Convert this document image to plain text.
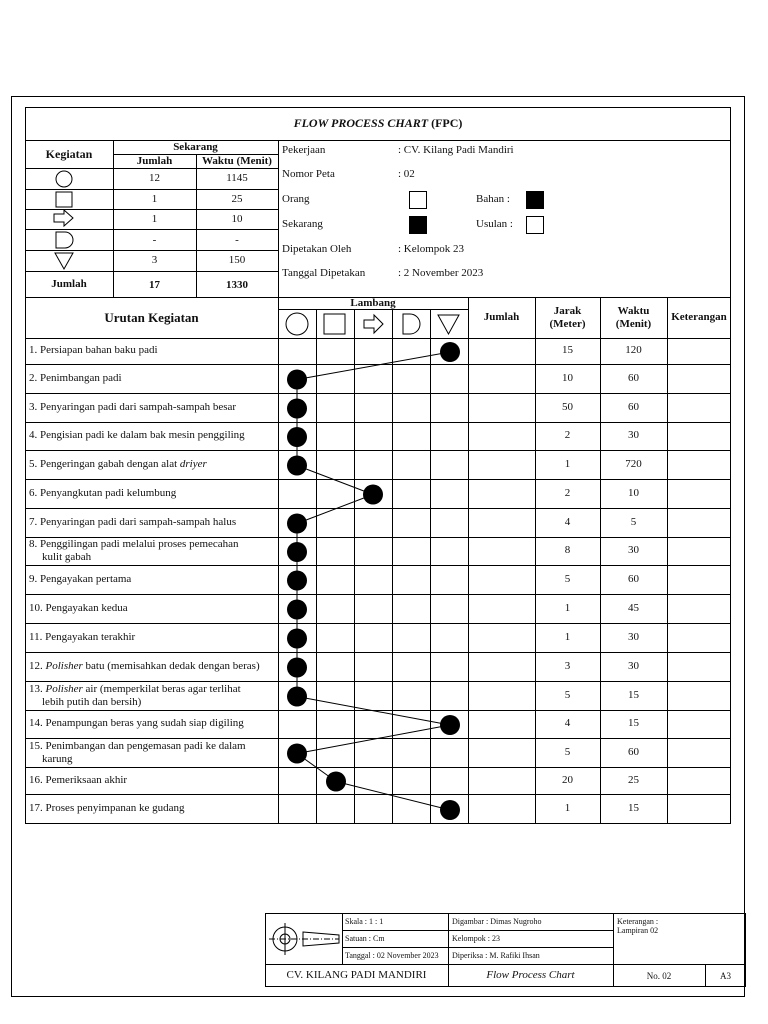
FLOW PROCESS CHART (FPC)
Kegiatan	Sekarang
Jumlah	Waktu (Menit)
12	1145
1	25
1	10
-	-
3	150
Jumlah	17	1330
Pekerjaan	: CV. Kilang Padi Mandiri
Nomor Peta	: 02
Orang	Bahan :
Sekarang	Usulan :
Dipetakan Oleh	: Kelompok 23
Tanggal Dipetakan	: 2 November 2023
Urutan Kegiatan
Lambang
Jumlah	Jarak
(Meter)
Waktu
(Menit)
Keterangan
1. Persiapan bahan baku padi	15	120
2. Penimbangan padi	10	60
3. Penyaringan padi dari sampah-sampah besar	50	60
4. Pengisian padi ke dalam bak mesin penggiling	2	30
5. Pengeringan gabah dengan alat driyer	1	720
6. Penyangkutan padi kelumbung	2	10
7. Penyaringan padi dari sampah-sampah halus	4	5
8. Penggilingan padi melalui proses pemecahan
kulit gabah
8	30
9. Pengayakan pertama	5	60
10. Pengayakan kedua	1	45
11. Pengayakan terakhir	1	30
12. Polisher batu (memisahkan dedak dengan beras)	3	30
13. Polisher air (memperkilat beras agar terlihat
lebih putih dan bersih)
5	15
14. Penampungan beras yang sudah siap digiling	4	15
15. Penimbangan dan pengemasan padi ke dalam
karung
5	60
16. Pemeriksaan akhir	20	25
17. Proses penyimpanan ke gudang	1	15
Skala : 1 : 1
Satuan : Cm
Tanggal : 02 November 2023
Digambar : Dimas Nugroho
Kelompok : 23
Diperiksa : M. Rafiki Ihsan
Keterangan :
Lampiran 02
CV. KILANG PADI MANDIRI	Flow Process Chart	No. 02	A3
